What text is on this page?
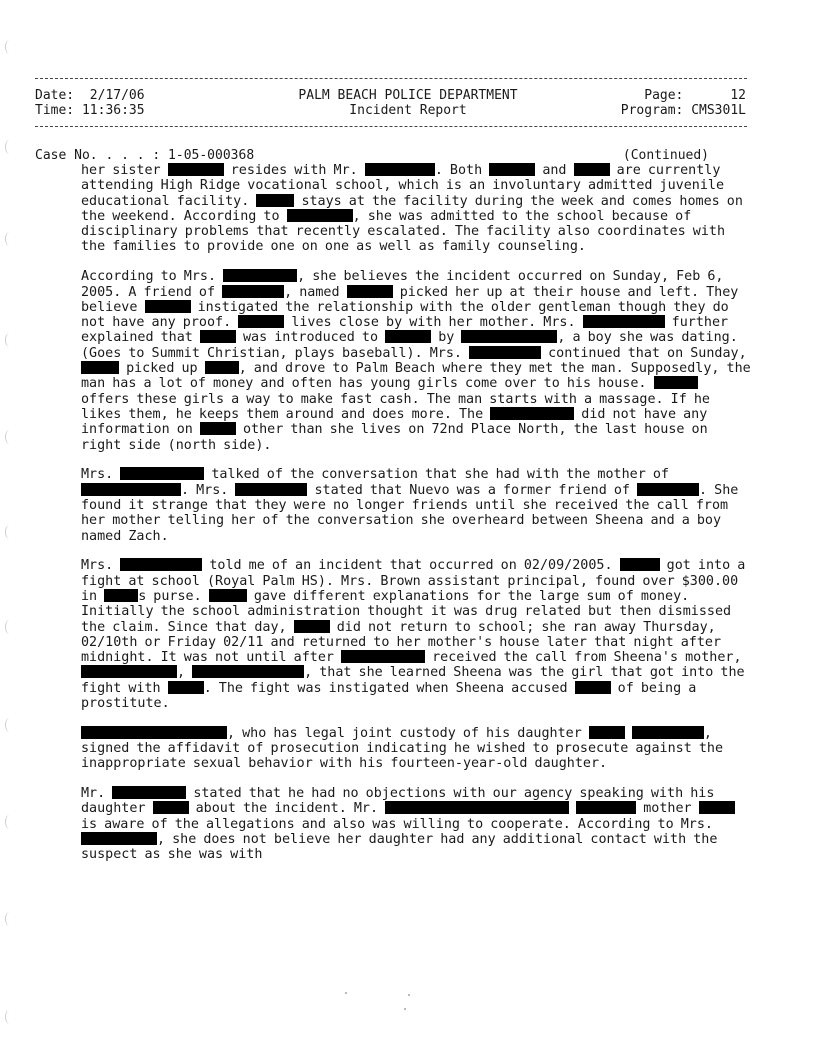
Date:  2/17/06
Time: 11:36:35
PALM BEACH POLICE DEPARTMENT
Incident Report
Page:      12
Program: CMS301L
Case No. . . . : 1-05-000368	(Continued)

her sister	resides with Mr.	. Both	and	are currently attending High Ridge vocational school, which is an involuntary admitted juvenile educational facility.	stays at the facility during the week and comes homes on the weekend. According to	, she was admitted to the school because of disciplinary problems that recently escalated. The facility also coordinates with the families to provide one on one as well as family counseling.

According to Mrs.	, she believes the incident occurred on Sunday, Feb 6, 2005. A friend of	, named	picked her up at their house and left. They believe	instigated the relationship with the older gentleman though they do not have any proof.	lives close by with her mother. Mrs.	further explained that	was introduced to	by	, a boy she was dating. (Goes to Summit Christian, plays baseball). Mrs.	continued that on Sunday,  picked up	, and drove to Palm Beach where they met the man. Supposedly, the man has a lot of money and often has young girls come over to his house.  offers these girls a way to make fast cash. The man starts with a massage. If he likes them, he keeps them around and does more. The	did not have any information on	other than she lives on 72nd Place North, the last house on right side (north side).

Mrs.	talked of the conversation that she had with the mother of . Mrs.	stated that Nuevo was a former friend of	. She found it strange that they were no longer friends until she received the call from her mother telling her of the conversation she overheard between Sheena and a boy named Zach.

Mrs.	told me of an incident that occurred on 02/09/2005.	got into a fight at school (Royal Palm HS). Mrs. Brown assistant principal, found over $300.00 in	s purse.	gave different explanations for the large sum of money. Initially the school administration thought it was drug related but then dismissed the claim. Since that day,	did not return to school; she ran away Thursday, 02/10th or Friday 02/11 and returned to her mother's house later that night after midnight. It was not until after	received the call from Sheena's mother, ,	, that she learned Sheena was the girl that got into the fight with	. The fight was instigated when Sheena accused	of being a prostitute.

, who has legal joint custody of his daughter	, signed the affidavit of prosecution indicating he wished to prosecute against the inappropriate sexual behavior with his fourteen-year-old daughter.

Mr.	stated that he had no objections with our agency speaking with his daughter	about the incident. Mr.	mother  is aware of the allegations and also was willing to cooperate. According to Mrs. , she does not believe her daughter had any additional contact with the suspect as she was with
